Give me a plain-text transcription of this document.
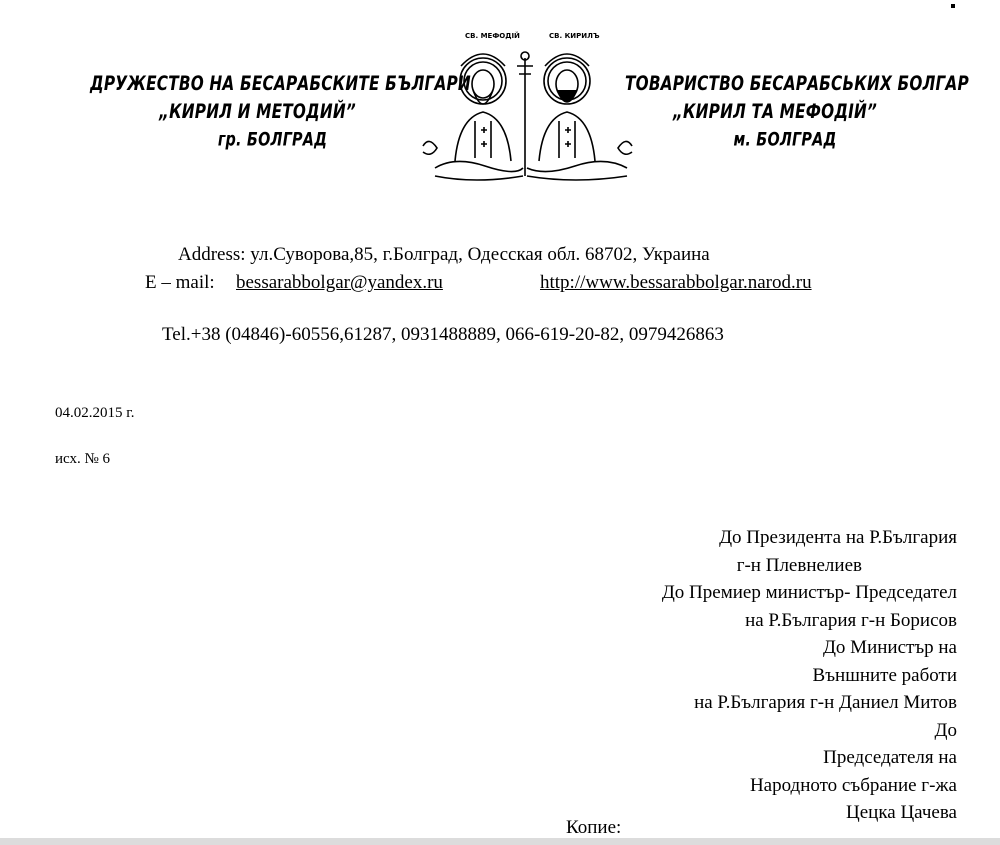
ДРУЖЕСТВО НА БЕСАРАБСКИТЕ БЪЛГАРИ
„КИРИЛ И МЕТОДИЙ”
гр. БОЛГРАД
СВ. МЕФОДІЙ	СВ. КИРИЛЪ
ТОВАРИСТВО БЕСАРАБСЬКИХ БОЛГАР
„КИРИЛ ТА МЕФОДІЙ”
м. БОЛГРАД
Address: ул.Суворова,85, г.Болград, Одесская обл. 68702, Украина
E – mail: bessarabbolgar@yandex.ru	http://www.bessarabbolgar.narod.ru
Tel.+38 (04846)-60556,61287, 0931488889, 066-619-20-82, 0979426863
04.02.2015 г.
исх. № 6
До Президента на Р.България
г-н Плевнелиев
До Премиер министър- Председател
на Р.България г-н Борисов
До Министър на
Външните работи
на Р.България г-н Даниел Митов
До
Председателя на
Народното събрание г-жа
Цецка Цачева
Копие:
